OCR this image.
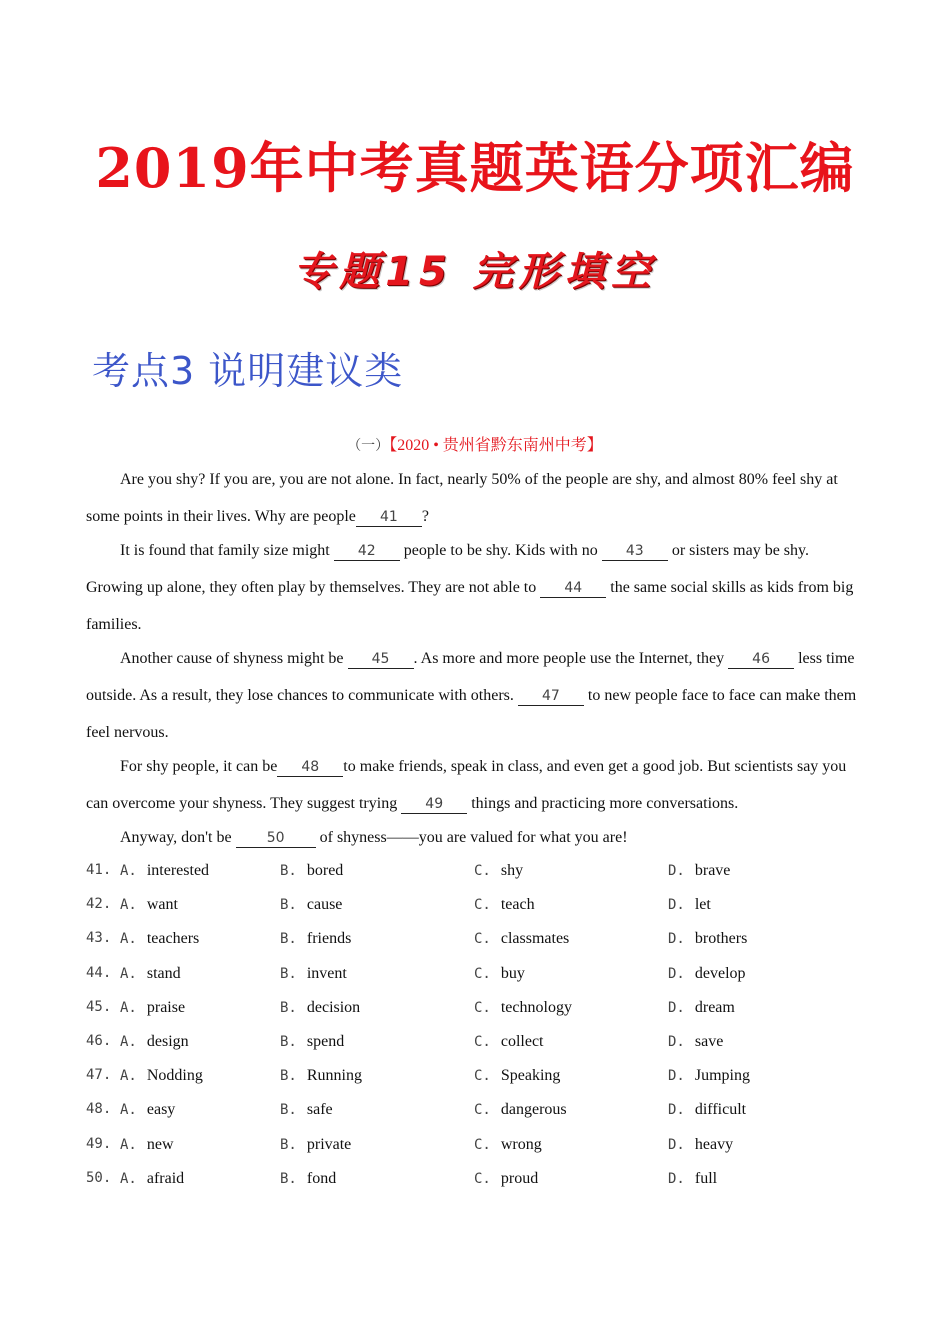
2019年中考真题英语分项汇编
专题15 完形填空
考点3 说明建议类
（一）【2020 • 贵州省黔东南州中考】

Are you shy? If you are, you are not alone. In fact, nearly 50% of the people are shy, and almost 80% feel shy at some points in their lives. Why are people 41 ?

It is found that family size might 42 people to be shy. Kids with no 43 or sisters may be shy. Growing up alone, they often play by themselves. They are not able to 44 the same social skills as kids from big families.

Another cause of shyness might be 45 . As more and more people use the Internet, they 46 less time outside. As a result, they lose chances to communicate with others. 47 to new people face to face can make them feel nervous.

For shy people, it can be 48 to make friends, speak in class, and even get a good job. But scientists say you can overcome your shyness. They suggest trying 49 things and practicing more conversations.

Anyway, don't be 50 of shyness——you are valued for what you are!

41. A. interested	B. bored	C. shy	D. brave
42. A. want	B. cause	C. teach	D. let
43. A. teachers	B. friends	C. classmates	D. brothers
44. A. stand	B. invent	C. buy	D. develop
45. A. praise	B. decision	C. technology	D. dream
46. A. design	B. spend	C. collect	D. save
47. A. Nodding	B. Running	C. Speaking	D. Jumping
48. A. easy	B. safe	C. dangerous	D. difficult
49. A. new	B. private	C. wrong	D. heavy
50. A. afraid	B. fond	C. proud	D. full
